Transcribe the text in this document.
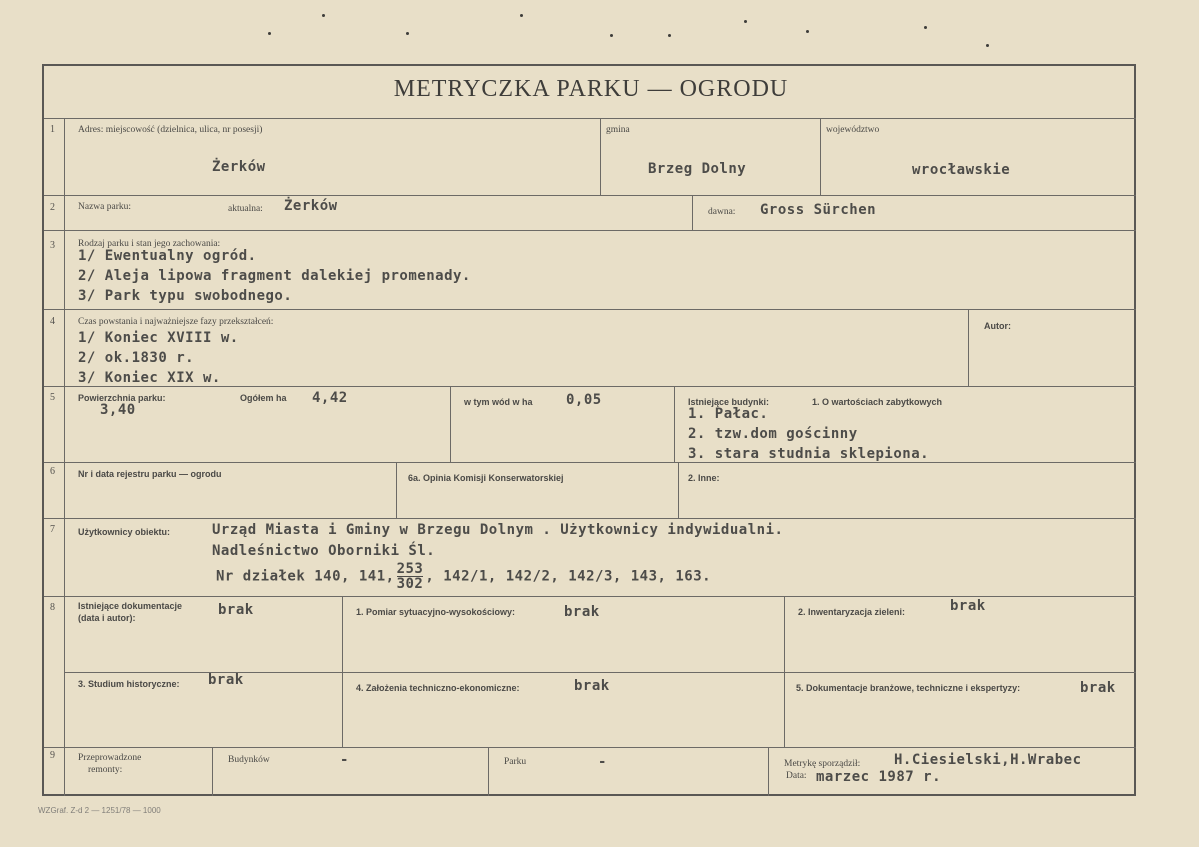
METRYCZKA PARKU — OGRODU
1 Adres: miejscowość (dzielnica, ulica, nr posesji)
Żerków
gmina
Brzeg Dolny
województwo
wrocławskie
2 Nazwa parku:	aktualna: Żerków	dawna: Gross Sürchen
3 Rodzaj parku i stan jego zachowania:
1/ Ewentualny ogród.
2/ Aleja lipowa fragment dalekiej promenady.
3/ Park typu swobodnego.
4 Czas powstania i najważniejsze fazy przekształceń:
1/ Koniec XVIII w.
2/ ok.1830 r.
3/ Koniec XIX w.
Autor:
5	Powierzchnia parku:
3,40
Ogółem ha 4,42	w tym wód w ha 0,05	Istniejące budynki:	1. O wartościach zabytkowych
1. Pałac.
2. tzw.dom gościnny
3. stara studnia sklepiona.
6	Nr i data rejestru parku — ogrodu	6a. Opinia Komisji Konserwatorskiej	2. Inne:
7	Użytkownicy obiektu:	Urząd Miasta i Gminy w Brzegu Dolnym . Użytkownicy indywidualni.
Nadleśnictwo Oborniki Śl.
Nr działek 140, 141, $\frac{253}{302}$ , 142/1, 142/2, 142/3, 143, 163.
8	Istniejące dokumentacje
(data i autor):	brak	1. Pomiar sytuacyjno-wysokościowy:	brak	2. Inwentaryzacja zieleni:	brak
3. Studium historyczne: brak	4. Założenia techniczno-ekonomiczne:	brak	5. Dokumentacje branżowe, techniczne i ekspertyzy:	brak
9 Przeprowadzone
remonty:
Budynków	-	Parku	-	Metrykę sporządził: H.Ciesielski,H.Wrabec
Data: marzec 1987 r.
WZGraf. Z-d 2 — 1251/78 — 1000
